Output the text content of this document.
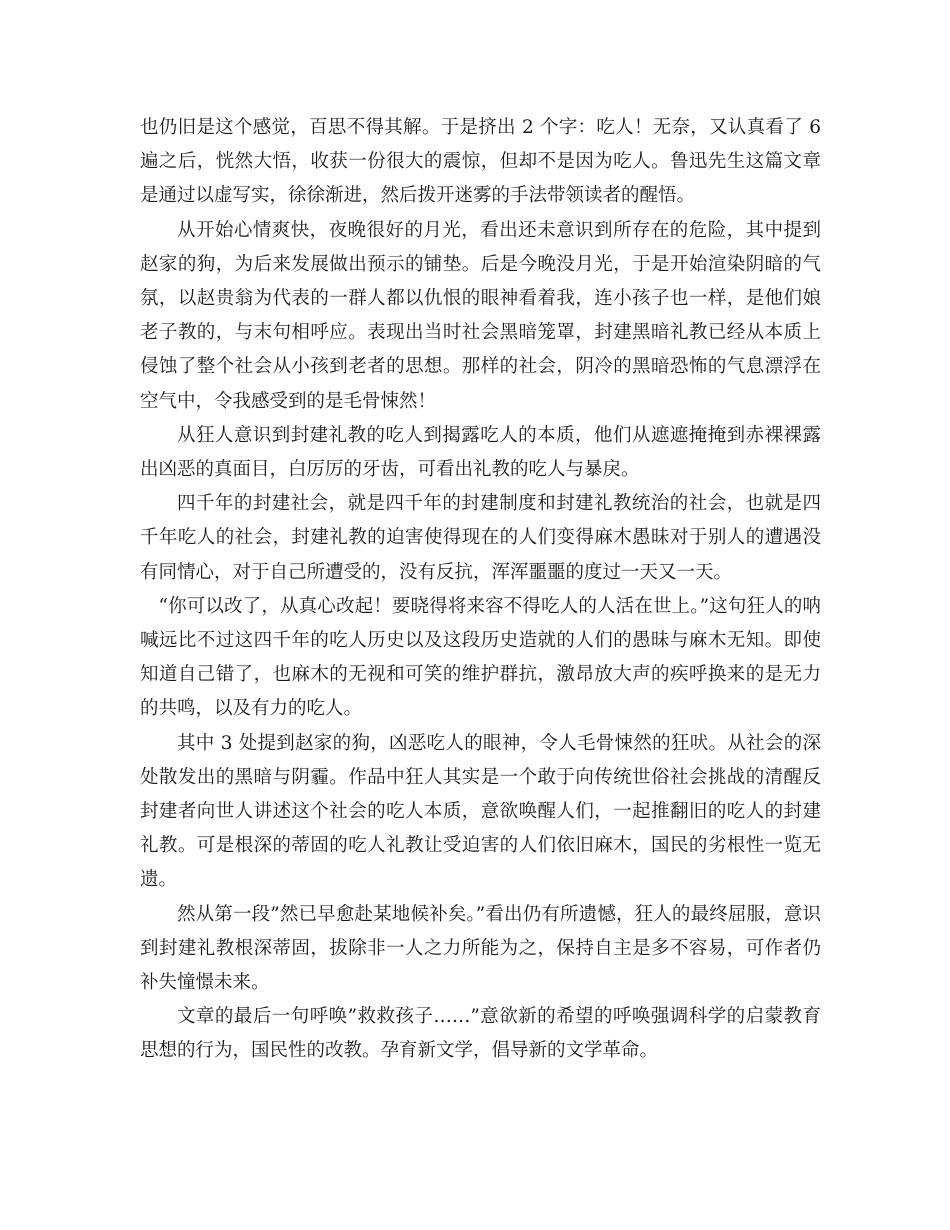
也仍旧是这个感觉，百思不得其解。于是挤出 2 个字：吃人！无奈，又认真看了 6 遍之后，恍然大悟，收获一份很大的震惊，但却不是因为吃人。鲁迅先生这篇文章是通过以虚写实，徐徐渐进，然后拨开迷雾的手法带领读者的醒悟。

从开始心情爽快，夜晚很好的月光，看出还未意识到所存在的危险，其中提到赵家的狗，为后来发展做出预示的铺垫。后是今晚没月光，于是开始渲染阴暗的气氛，以赵贵翁为代表的一群人都以仇恨的眼神看着我，连小孩子也一样，是他们娘老子教的，与末句相呼应。表现出当时社会黑暗笼罩，封建黑暗礼教已经从本质上侵蚀了整个社会从小孩到老者的思想。那样的社会，阴冷的黑暗恐怖的气息漂浮在空气中，令我感受到的是毛骨悚然！

从狂人意识到封建礼教的吃人到揭露吃人的本质，他们从遮遮掩掩到赤裸裸露出凶恶的真面目，白厉厉的牙齿，可看出礼教的吃人与暴戾。

四千年的封建社会，就是四千年的封建制度和封建礼教统治的社会，也就是四千年吃人的社会，封建礼教的迫害使得现在的人们变得麻木愚昧对于别人的遭遇没有同情心，对于自己所遭受的，没有反抗，浑浑噩噩的度过一天又一天。

“你可以改了，从真心改起！要晓得将来容不得吃人的人活在世上。”这句狂人的呐喊远比不过这四千年的吃人历史以及这段历史造就的人们的愚昧与麻木无知。即使知道自己错了，也麻木的无视和可笑的维护群抗，激昂放大声的疾呼换来的是无力的共鸣，以及有力的吃人。

其中 3 处提到赵家的狗，凶恶吃人的眼神，令人毛骨悚然的狂吠。从社会的深处散发出的黑暗与阴霾。作品中狂人其实是一个敢于向传统世俗社会挑战的清醒反封建者向世人讲述这个社会的吃人本质，意欲唤醒人们，一起推翻旧的吃人的封建礼教。可是根深的蒂固的吃人礼教让受迫害的人们依旧麻木，国民的劣根性一览无遗。

然从第一段”然已早愈赴某地候补矣。”看出仍有所遗憾，狂人的最终屈服，意识到封建礼教根深蒂固，拔除非一人之力所能为之，保持自主是多不容易，可作者仍补失憧憬未来。

文章的最后一句呼唤”救救孩子……”意欲新的希望的呼唤强调科学的启蒙教育思想的行为，国民性的改教。孕育新文学，倡导新的文学革命。
